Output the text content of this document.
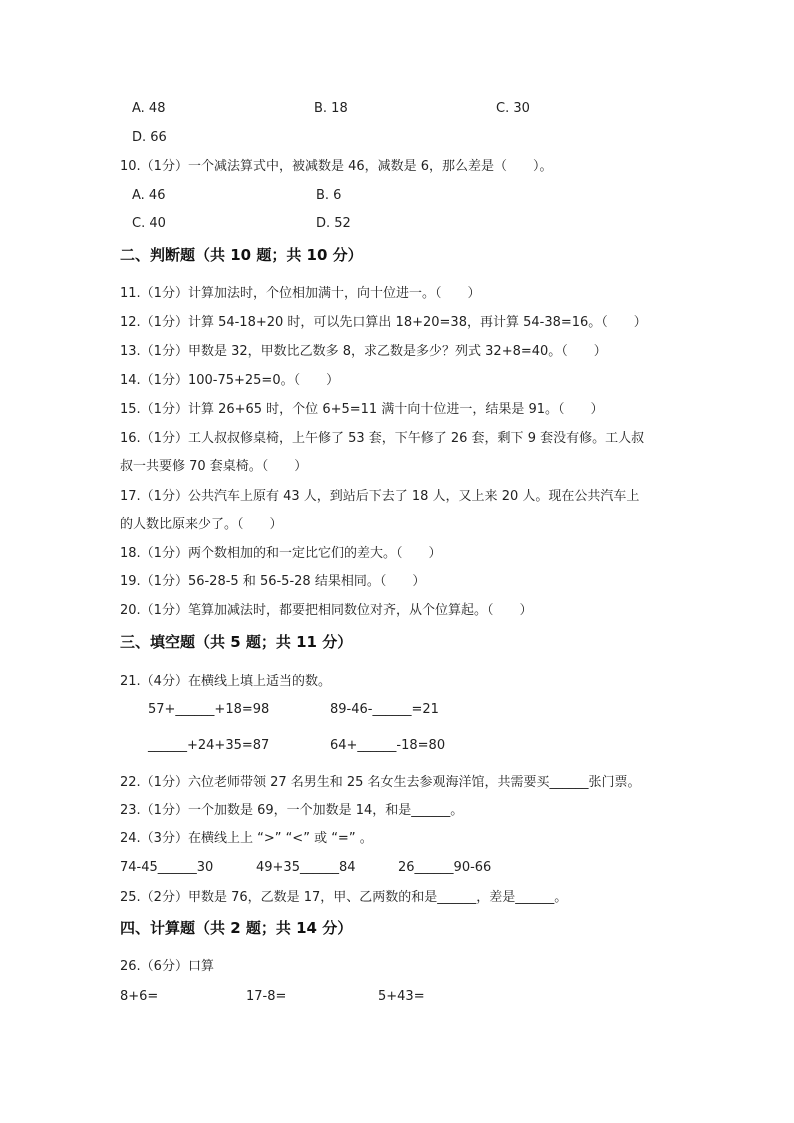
A. 48	B. 18	C. 30
D. 66
10.（1分）一个减法算式中，被减数是 46，减数是 6，那么差是（　　）。
A. 46	B. 6
C. 40	D. 52
二、判断题（共 10 题；共 10 分）
11.（1分）计算加法时，个位相加满十，向十位进一。（　　）
12.（1分）计算 54-18+20 时，可以先口算出 18+20=38，再计算 54-38=16。（　　）
13.（1分）甲数是 32，甲数比乙数多 8，求乙数是多少？列式 32+8=40。（　　）
14.（1分）100-75+25=0。（　　）
15.（1分）计算 26+65 时，个位 6+5=11 满十向十位进一，结果是 91。（　　）
16.（1分）工人叔叔修桌椅，上午修了 53 套，下午修了 26 套，剩下 9 套没有修。工人叔
叔一共要修 70 套桌椅。（　　）
17.（1分）公共汽车上原有 43 人，到站后下去了 18 人，又上来 20 人。现在公共汽车上
的人数比原来少了。（　　）
18.（1分）两个数相加的和一定比它们的差大。（　　）
19.（1分）56-28-5 和 56-5-28 结果相同。（　　）
20.（1分）笔算加减法时，都要把相同数位对齐，从个位算起。（　　）
三、填空题（共 5 题；共 11 分）
21.（4分）在横线上填上适当的数。
57+______+18=98	89-46-______=21
______+24+35=87	64+______-18=80
22.（1分）六位老师带领 27 名男生和 25 名女生去参观海洋馆，共需要买______张门票。
23.（1分）一个加数是 69，一个加数是 14，和是______。
24.（3分）在横线上上 “>” “<” 或 “=” 。
74-45______30	49+35______84	26______90-66
25.（2分）甲数是 76，乙数是 17，甲、乙两数的和是______，差是______。
四、计算题（共 2 题；共 14 分）
26.（6分）口算
8+6=	17-8=	5+43=
